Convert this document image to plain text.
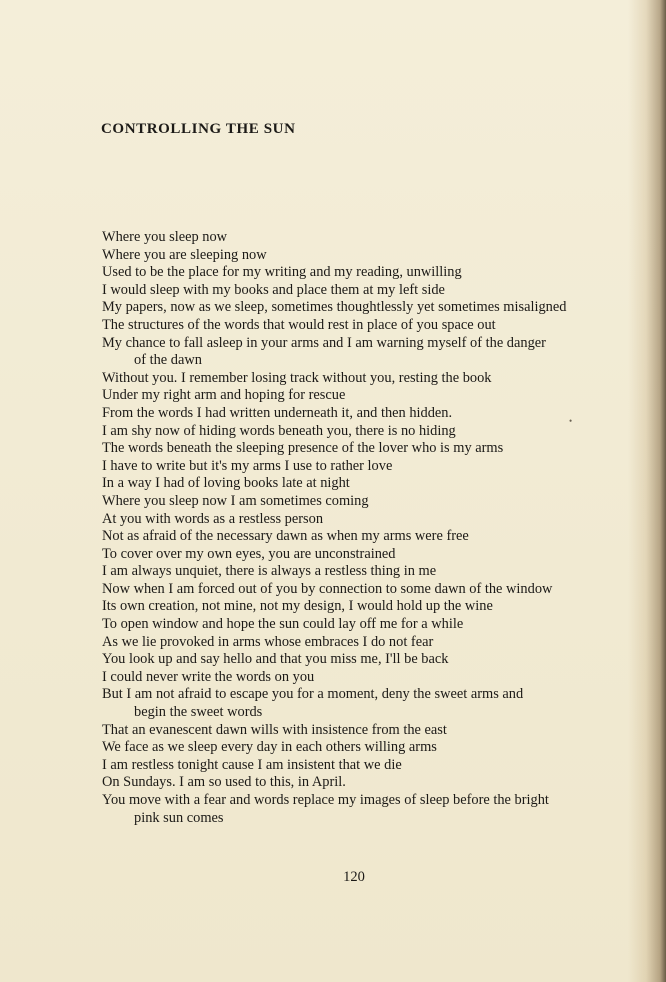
CONTROLLING THE SUN
Where you sleep now
Where you are sleeping now
Used to be the place for my writing and my reading, unwilling
I would sleep with my books and place them at my left side
My papers, now as we sleep, sometimes thoughtlessly yet sometimes misaligned
The structures of the words that would rest in place of you space out
My chance to fall asleep in your arms and I am warning myself of the danger
of the dawn
Without you. I remember losing track without you, resting the book
Under my right arm and hoping for rescue
From the words I had written underneath it, and then hidden.
I am shy now of hiding words beneath you, there is no hiding
The words beneath the sleeping presence of the lover who is my arms
I have to write but it's my arms I use to rather love
In a way I had of loving books late at night
Where you sleep now I am sometimes coming
At you with words as a restless person
Not as afraid of the necessary dawn as when my arms were free
To cover over my own eyes, you are unconstrained
I am always unquiet, there is always a restless thing in me
Now when I am forced out of you by connection to some dawn of the window
Its own creation, not mine, not my design, I would hold up the wine
To open window and hope the sun could lay off me for a while
As we lie provoked in arms whose embraces I do not fear
You look up and say hello and that you miss me, I'll be back
I could never write the words on you
But I am not afraid to escape you for a moment, deny the sweet arms and
begin the sweet words
That an evanescent dawn wills with insistence from the east
We face as we sleep every day in each others willing arms
I am restless tonight cause I am insistent that we die
On Sundays. I am so used to this, in April.
You move with a fear and words replace my images of sleep before the bright
pink sun comes
•
120
